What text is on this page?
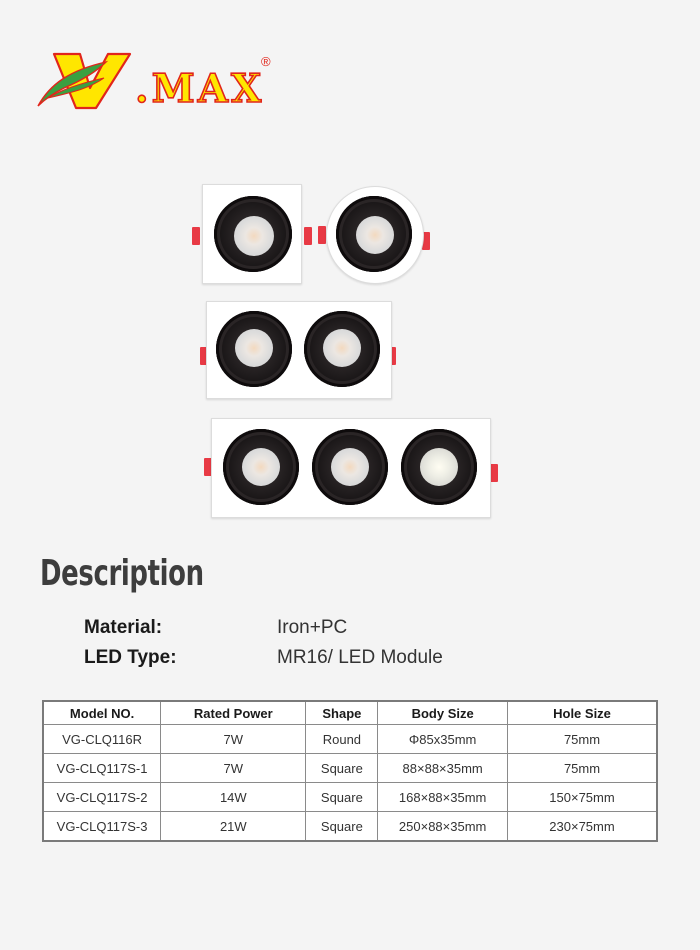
.MAX
®
Description
Material:	Iron+PC
LED Type:	MR16/ LED Module
Model NO.	Rated Power	Shape	Body Size	Hole Size
VG-CLQ116R	7W	Round	Φ85x35mm	75mm
VG-CLQ117S-1	7W	Square	88×88×35mm	75mm
VG-CLQ117S-2	14W	Square	168×88×35mm	150×75mm
VG-CLQ117S-3	21W	Square	250×88×35mm	230×75mm
